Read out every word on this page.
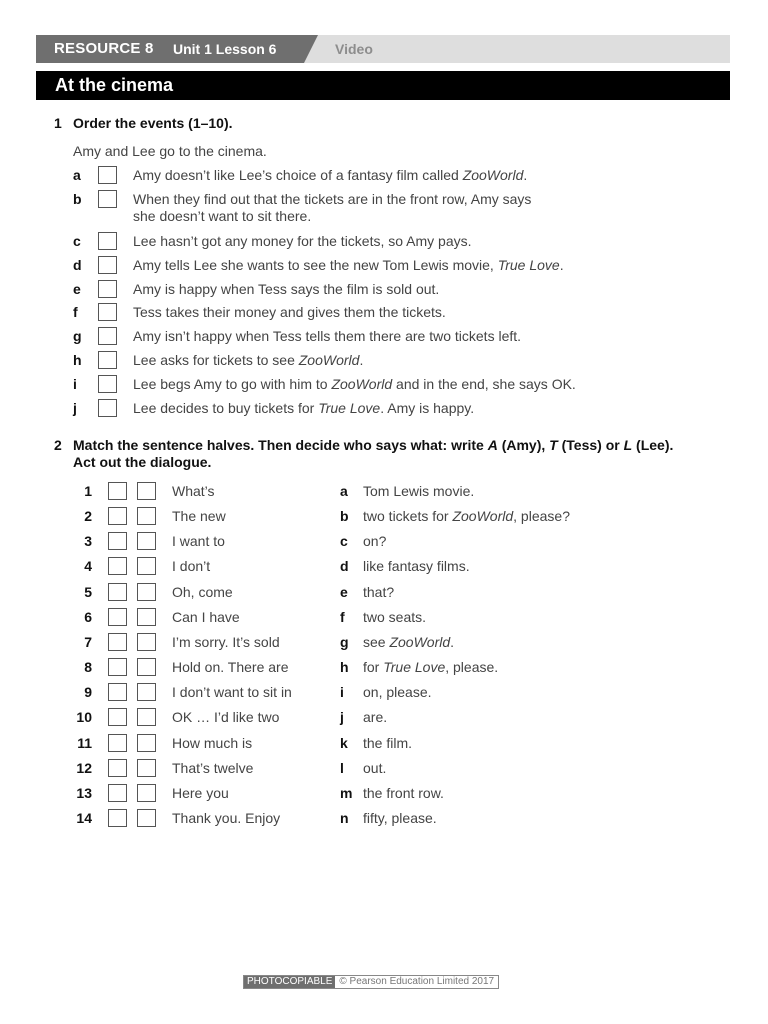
RESOURCE 8 Unit 1 Lesson 6	Video
At the cinema
1 Order the events (1–10).
Amy and Lee go to the cinema.
a	Amy doesn’t like Lee’s choice of a fantasy film called ZooWorld.
b	When they find out that the tickets are in the front row, Amy says
she doesn’t want to sit there.
c	Lee hasn’t got any money for the tickets, so Amy pays.
d	Amy tells Lee she wants to see the new Tom Lewis movie, True Love.
e	Amy is happy when Tess says the film is sold out.
f	Tess takes their money and gives them the tickets.
g	Amy isn’t happy when Tess tells them there are two tickets left.
h	Lee asks for tickets to see ZooWorld.
i	Lee begs Amy to go with him to ZooWorld and in the end, she says OK.
j	Lee decides to buy tickets for True Love. Amy is happy.
2 Match the sentence halves. Then decide who says what: write A (Amy), T (Tess) or L (Lee).
Act out the dialogue.
1	What’s	a Tom Lewis movie.
2	The new	b two tickets for ZooWorld, please?
3	I want to	c on?
4	I don’t	d like fantasy films.
5	Oh, come	e that?
6	Can I have	f two seats.
7	I’m sorry. It’s sold	g see ZooWorld.
8	Hold on. There are	h for True Love, please.
9	I don’t want to sit in	i on, please.
10	OK … I’d like two	j are.
11	How much is	k the film.
12	That’s twelve	l out.
13	Here you	m the front row.
14	Thank you. Enjoy	n fifty, please.
PHOTOCOPIABLE © Pearson Education Limited 2017
